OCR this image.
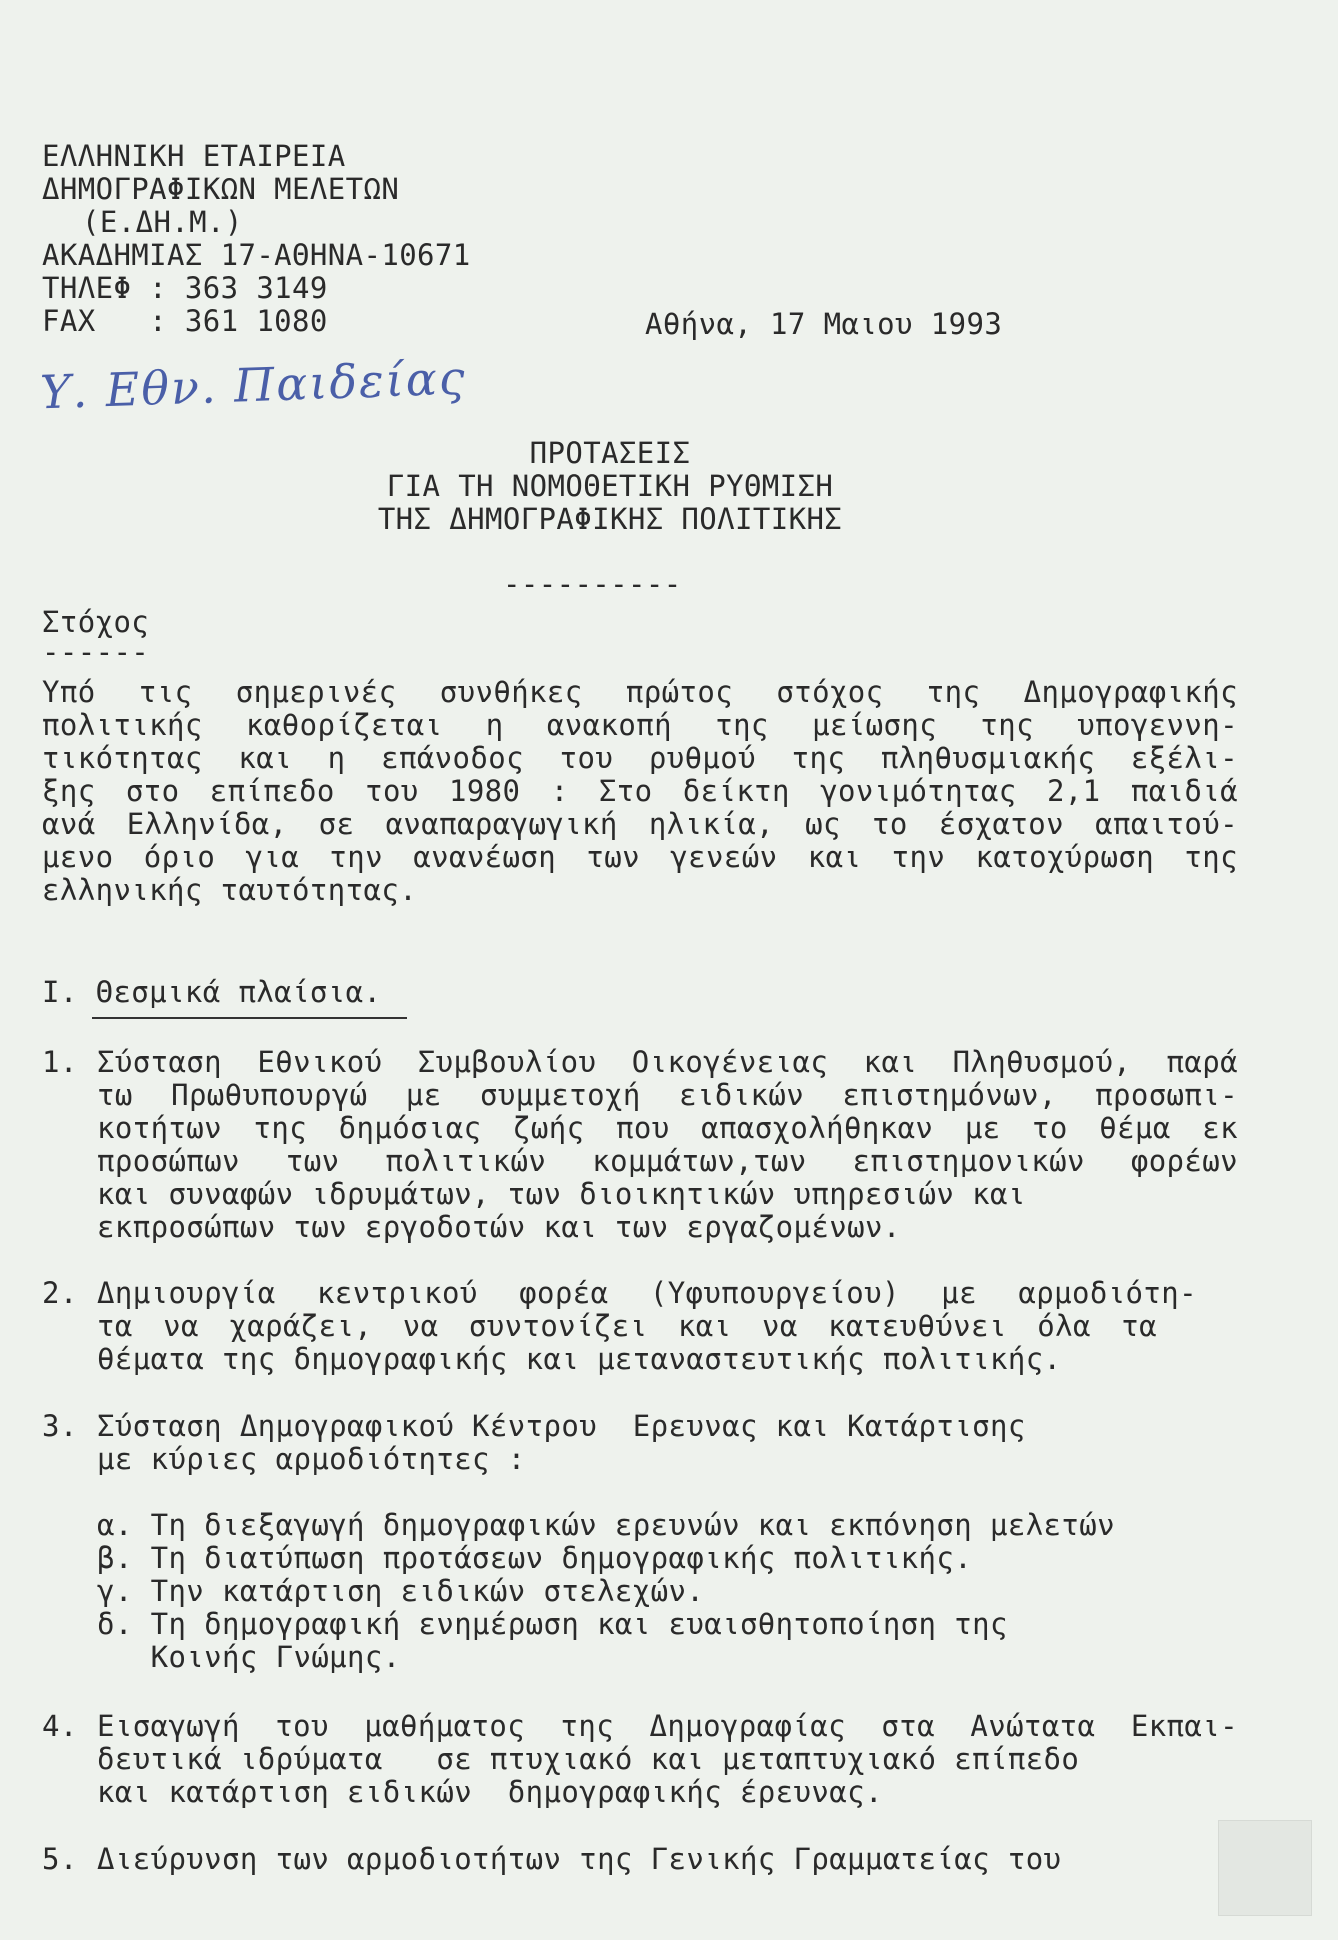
ΕΛΛΗΝΙΚΗ ΕΤΑΙΡΕΙΑ
ΔΗΜΟΓΡΑΦΙΚΩΝ ΜΕΛΕΤΩΝ
(Ε.ΔΗ.Μ.)
ΑΚΑΔΗΜΙΑΣ 17-ΑΘΗΝΑ-10671
ΤΗΛΕΦ : 363 3149
FAX   : 361 1080	Αθήνα, 17 Μαιου 1993
Υ. Εθν. Παιδείας
ΠΡΟΤΑΣΕΙΣ
ΓΙΑ ΤΗ ΝΟΜΟΘΕΤΙΚΗ ΡΥΘΜΙΣΗ
ΤΗΣ ΔΗΜΟΓΡΑΦΙΚΗΣ ΠΟΛΙΤΙΚΗΣ
----------
Στόχος
------
Υπό τις σημερινές συνθήκες πρώτος στόχος της Δημογραφικής
πολιτικής καθορίζεται η ανακοπή της μείωσης της υπογεννη-
τικότητας και η επάνοδος του ρυθμού της πληθυσμιακής εξέλι-
ξης στο επίπεδο του 1980 : Στο δείκτη γονιμότητας 2,1 παιδιά
ανά Ελληνίδα, σε αναπαραγωγική ηλικία, ως το έσχατον απαιτού-
μενο όριο για την ανανέωση των γενεών και την κατοχύρωση της
ελληνικής ταυτότητας.
Ι. Θεσμικά πλαίσια.
1. Σύσταση Εθνικού Συμβουλίου Οικογένειας και Πληθυσμού, παρά
τω Πρωθυπουργώ με συμμετοχή ειδικών επιστημόνων, προσωπι-
κοτήτων της δημόσιας ζωής που απασχολήθηκαν με το θέμα εκ
προσώπων των πολιτικών κομμάτων,των επιστημονικών φορέων
και συναφών ιδρυμάτων, των διοικητικών υπηρεσιών και
εκπροσώπων των εργοδοτών και των εργαζομένων.
2. Δημιουργία κεντρικού φορέα (Υφυπουργείου) με αρμοδιότη-
τα να χαράζει, να συντονίζει και να κατευθύνει όλα τα
θέματα της δημογραφικής και μεταναστευτικής πολιτικής.
3. Σύσταση Δημογραφικού Κέντρου  Ερευνας και Κατάρτισης
με κύριες αρμοδιότητες :
α. Τη διεξαγωγή δημογραφικών ερευνών και εκπόνηση μελετών
β. Τη διατύπωση προτάσεων δημογραφικής πολιτικής.
γ. Την κατάρτιση ειδικών στελεχών.
δ. Τη δημογραφική ενημέρωση και ευαισθητοποίηση της
Κοινής Γνώμης.
4. Εισαγωγή του μαθήματος της Δημογραφίας στα Ανώτατα Εκπαι-
δευτικά ιδρύματα   σε πτυχιακό και μεταπτυχιακό επίπεδο
και κατάρτιση ειδικών  δημογραφικής έρευνας.
5. Διεύρυνση των αρμοδιοτήτων της Γενικής Γραμματείας του
